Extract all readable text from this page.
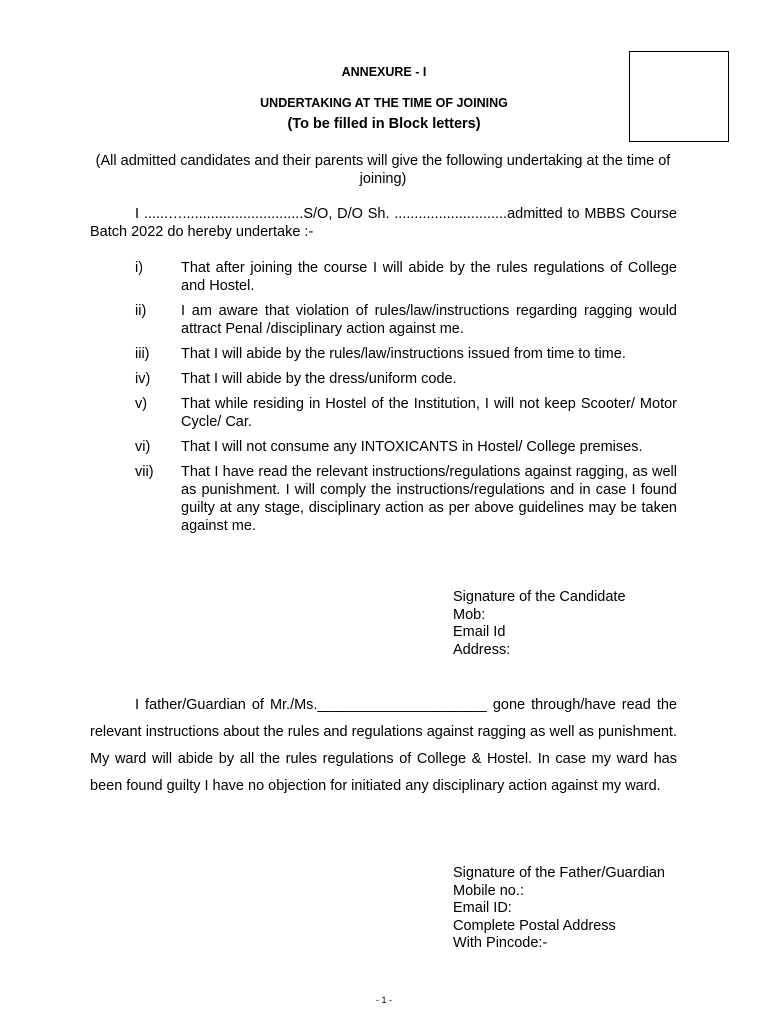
ANNEXURE - I
UNDERTAKING AT THE TIME OF JOINING
(To be filled in Block letters)
(All admitted candidates and their parents will give the following undertaking at the time of joining)
I ......…..............................S/O, D/O Sh. ............................admitted to MBBS Course Batch 2022 do hereby undertake :-
i)	That after joining the course I will abide by the rules regulations of College and Hostel.
ii)	I am aware that violation of rules/law/instructions regarding ragging would attract Penal /disciplinary action against me.
iii)	That I will abide by the rules/law/instructions issued from time to time.
iv)	That I will abide by the dress/uniform code.
v)	That while residing in Hostel of the Institution, I will not keep Scooter/ Motor Cycle/ Car.
vi)	That I will not consume any INTOXICANTS in Hostel/ College premises.
vii)	That I have read the relevant instructions/regulations against ragging, as well as punishment. I will comply the instructions/regulations and in case I found guilty at any stage, disciplinary action as per above guidelines may be taken against me.
Signature of the Candidate
Mob:
Email Id
Address:
I father/Guardian of Mr./Ms._____________________ gone through/have read the relevant instructions about the rules and regulations against ragging as well as punishment. My ward will abide by all the rules regulations of College & Hostel. In case my ward has been found guilty I have no objection for initiated any disciplinary action against my ward.
Signature of the Father/Guardian
Mobile no.:
Email ID:
Complete Postal Address
With Pincode:-
- 1 -
